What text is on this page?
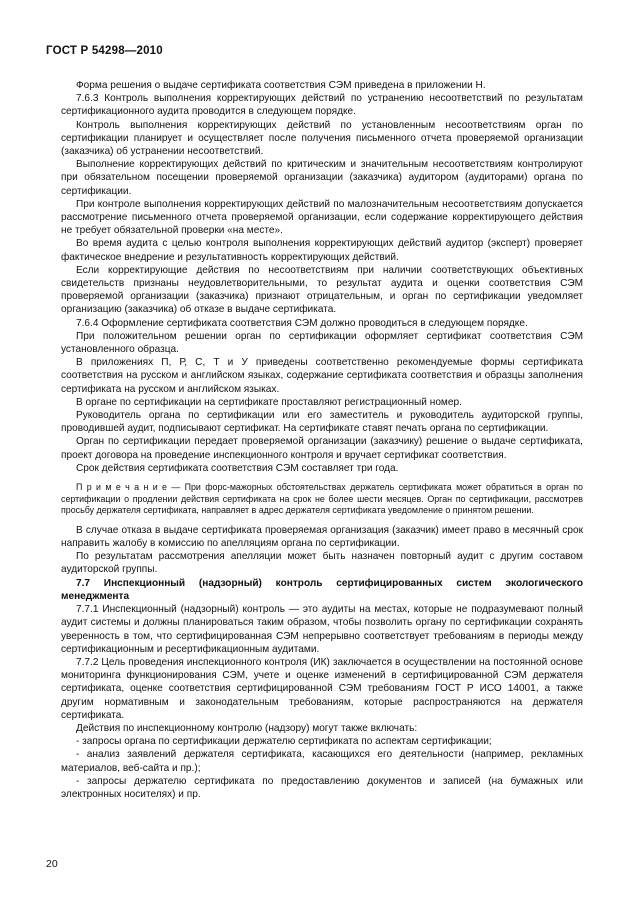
ГОСТ Р 54298—2010

Форма решения о выдаче сертификата соответствия СЭМ приведена в приложении Н.

7.6.3 Контроль выполнения корректирующих действий по устранению несоответствий по результатам сертификационного аудита проводится в следующем порядке.

Контроль выполнения корректирующих действий по установленным несоответствиям орган по сертификации планирует и осуществляет после получения письменного отчета проверяемой организации (заказчика) об устранении несоответствий.

Выполнение корректирующих действий по критическим и значительным несоответствиям контролируют при обязательном посещении проверяемой организации (заказчика) аудитором (аудиторами) органа по сертификации.

При контроле выполнения корректирующих действий по малозначительным несоответствиям допускается рассмотрение письменного отчета проверяемой организации, если содержание корректирующего действия не требует обязательной проверки «на месте».

Во время аудита с целью контроля выполнения корректирующих действий аудитор (эксперт) проверяет фактическое внедрение и результативность корректирующих действий.

Если корректирующие действия по несоответствиям при наличии соответствующих объективных свидетельств признаны неудовлетворительными, то результат аудита и оценки соответствия СЭМ проверяемой организации (заказчика) признают отрицательным, и орган по сертификации уведомляет организацию (заказчика) об отказе в выдаче сертификата.

7.6.4 Оформление сертификата соответствия СЭМ должно проводиться в следующем порядке.

При положительном решении орган по сертификации оформляет сертификат соответствия СЭМ установленного образца.

В приложениях П, Р, С, Т и У приведены соответственно рекомендуемые формы сертификата соответствия на русском и английском языках, содержание сертификата соответствия и образцы заполнения сертификата на русском и английском языках.

В органе по сертификации на сертификате проставляют регистрационный номер.

Руководитель органа по сертификации или его заместитель и руководитель аудиторской группы, проводившей аудит, подписывают сертификат. На сертификате ставят печать органа по сертификации.

Орган по сертификации передает проверяемой организации (заказчику) решение о выдаче сертификата, проект договора на проведение инспекционного контроля и вручает сертификат соответствия.

Срок действия сертификата соответствия СЭМ составляет три года.

П р и м е ч а н и е — При форс-мажорных обстоятельствах держатель сертификата может обратиться в орган по сертификации о продлении действия сертификата на срок не более шести месяцев. Орган по сертификации, рассмотрев просьбу держателя сертификата, направляет в адрес держателя сертификата уведомление о принятом решении.

В случае отказа в выдаче сертификата проверяемая организация (заказчик) имеет право в месячный срок направить жалобу в комиссию по апелляциям органа по сертификации.

По результатам рассмотрения апелляции может быть назначен повторный аудит с другим составом аудиторской группы.

7.7 Инспекционный (надзорный) контроль сертифицированных систем экологического менеджмента

7.7.1 Инспекционный (надзорный) контроль — это аудиты на местах, которые не подразумевают полный аудит системы и должны планироваться таким образом, чтобы позволить органу по сертификации сохранять уверенность в том, что сертифицированная СЭМ непрерывно соответствует требованиям в периоды между сертификационным и ресертификационным аудитами.

7.7.2 Цель проведения инспекционного контроля (ИК) заключается в осуществлении на постоянной основе мониторинга функционирования СЭМ, учете и оценке изменений в сертифицированной СЭМ держателя сертификата, оценке соответствия сертифицированной СЭМ требованиям ГОСТ Р ИСО 14001, а также другим нормативным и законодательным требованиям, которые распространяются на держателя сертификата.

Действия по инспекционному контролю (надзору) могут также включать:

- запросы органа по сертификации держателю сертификата по аспектам сертификации;

- анализ заявлений держателя сертификата, касающихся его деятельности (например, рекламных материалов, веб-сайта и пр.);

- запросы держателю сертификата по предоставлению документов и записей (на бумажных или электронных носителях) и пр.

20
